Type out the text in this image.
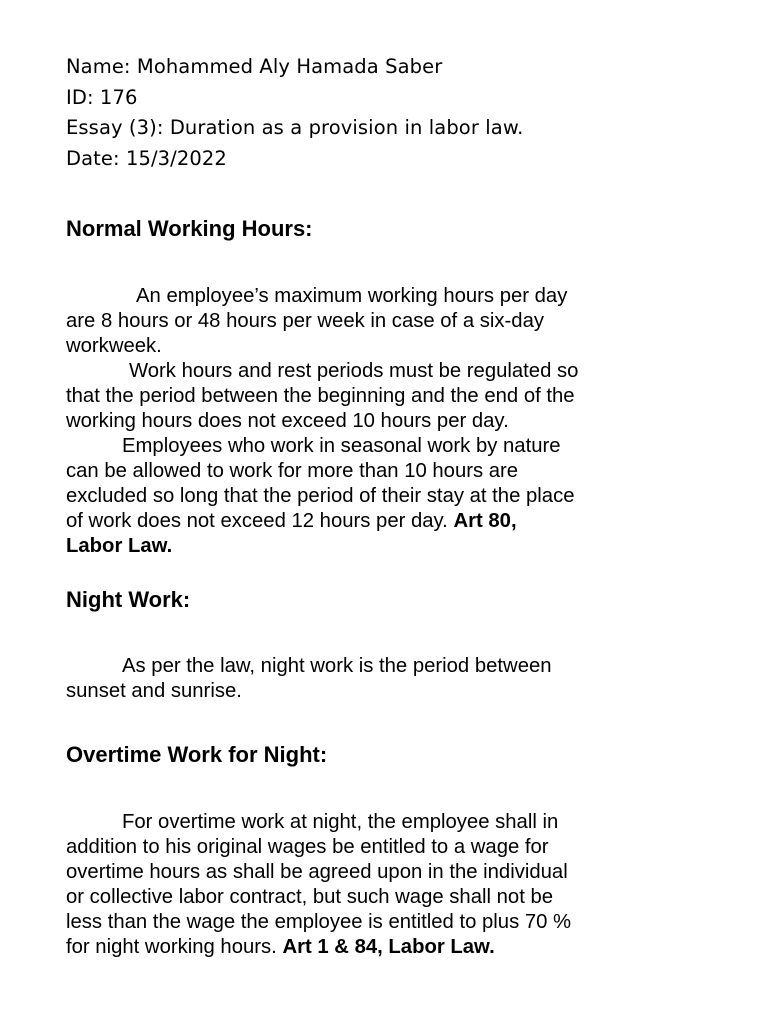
Name: Mohammed Aly Hamada Saber
ID: 176
Essay (3): Duration as a provision in labor law.
Date: 15/3/2022
Normal Working Hours:
An employee’s maximum working hours per day
are 8 hours or 48 hours per week in case of a six-day
workweek.
Work hours and rest periods must be regulated so
that the period between the beginning and the end of the
working hours does not exceed 10 hours per day.
Employees who work in seasonal work by nature
can be allowed to work for more than 10 hours are
excluded so long that the period of their stay at the place
of work does not exceed 12 hours per day. Art 80,
Labor Law.
Night Work:
As per the law, night work is the period between
sunset and sunrise.
Overtime Work for Night:
For overtime work at night, the employee shall in
addition to his original wages be entitled to a wage for
overtime hours as shall be agreed upon in the individual
or collective labor contract, but such wage shall not be
less than the wage the employee is entitled to plus 70 %
for night working hours. Art 1 & 84, Labor Law.
